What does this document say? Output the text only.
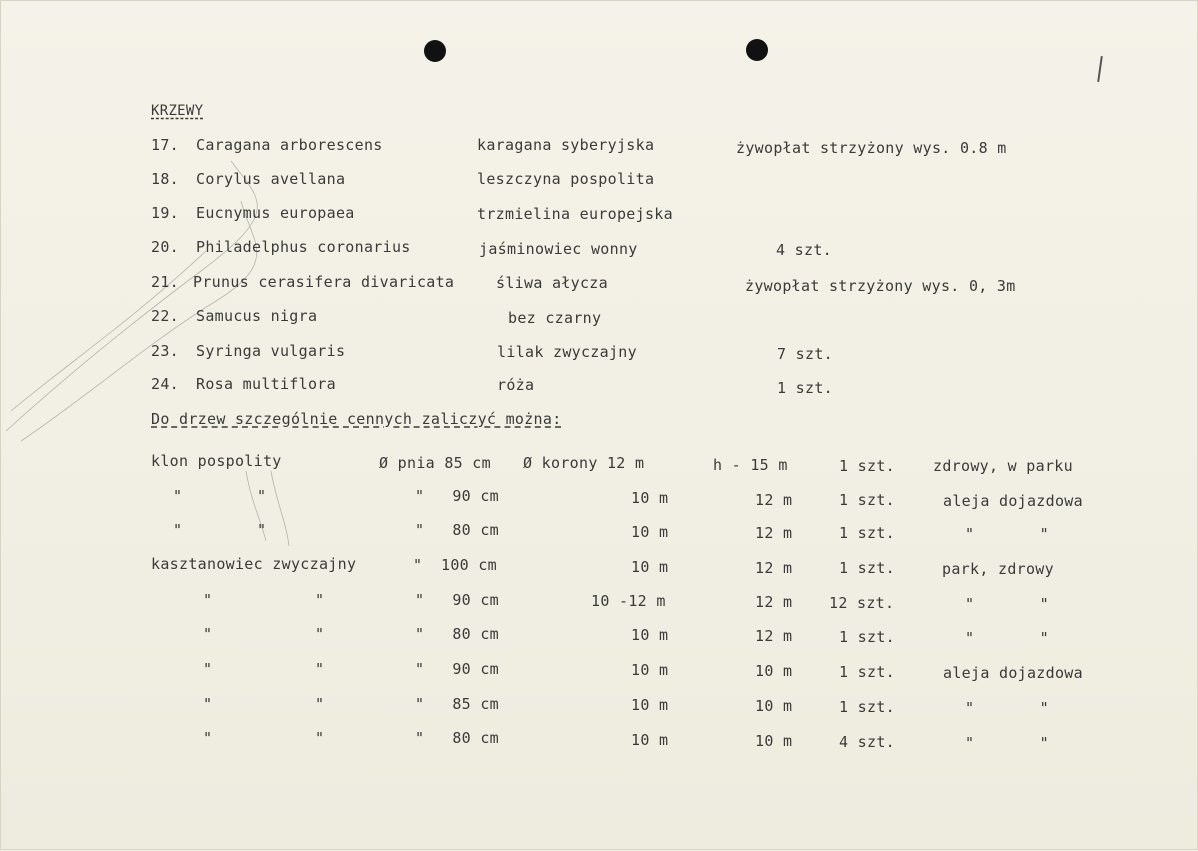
KRZEWY
17. Caragana arborescens	karagana syberyjska	żywopłat strzyżony wys. 0.8 m
18. Corylus avellana	leszczyna pospolita
19. Eucnymus europaea	trzmielina europejska
20. Philadelphus coronarius	jaśminowiec wonny	4 szt.
21. Prunus cerasifera divaricata	śliwa ałycza	żywopłat strzyżony wys. 0, 3m
22. Samucus nigra	bez czarny
23. Syringa vulgaris	lilak zwyczajny	7 szt.
24. Rosa multiflora	róża	1 szt.
Do drzew szczególnie cennych zaliczyć można:
klon pospolity	Ø pnia 85 cm Ø korony 12 m	h - 15 m	1 szt.	zdrowy, w parku
"        "	"   90 cm	10 m	12 m	1 szt.	aleja dojazdowa
"        "	"   80 cm	10 m	12 m	1 szt.	"       "
kasztanowiec zwyczajny	"  100 cm	10 m	12 m	1 szt.	park, zdrowy
"           "	"   90 cm	10 -12 m	12 m 12 szt.	"       "
"           "	"   80 cm	10 m	12 m	1 szt.	"       "
"           "	"   90 cm	10 m	10 m	1 szt.	aleja dojazdowa
"           "	"   85 cm	10 m	10 m	1 szt.	"       "
"           "	"   80 cm	10 m	10 m	4 szt.	"       "
